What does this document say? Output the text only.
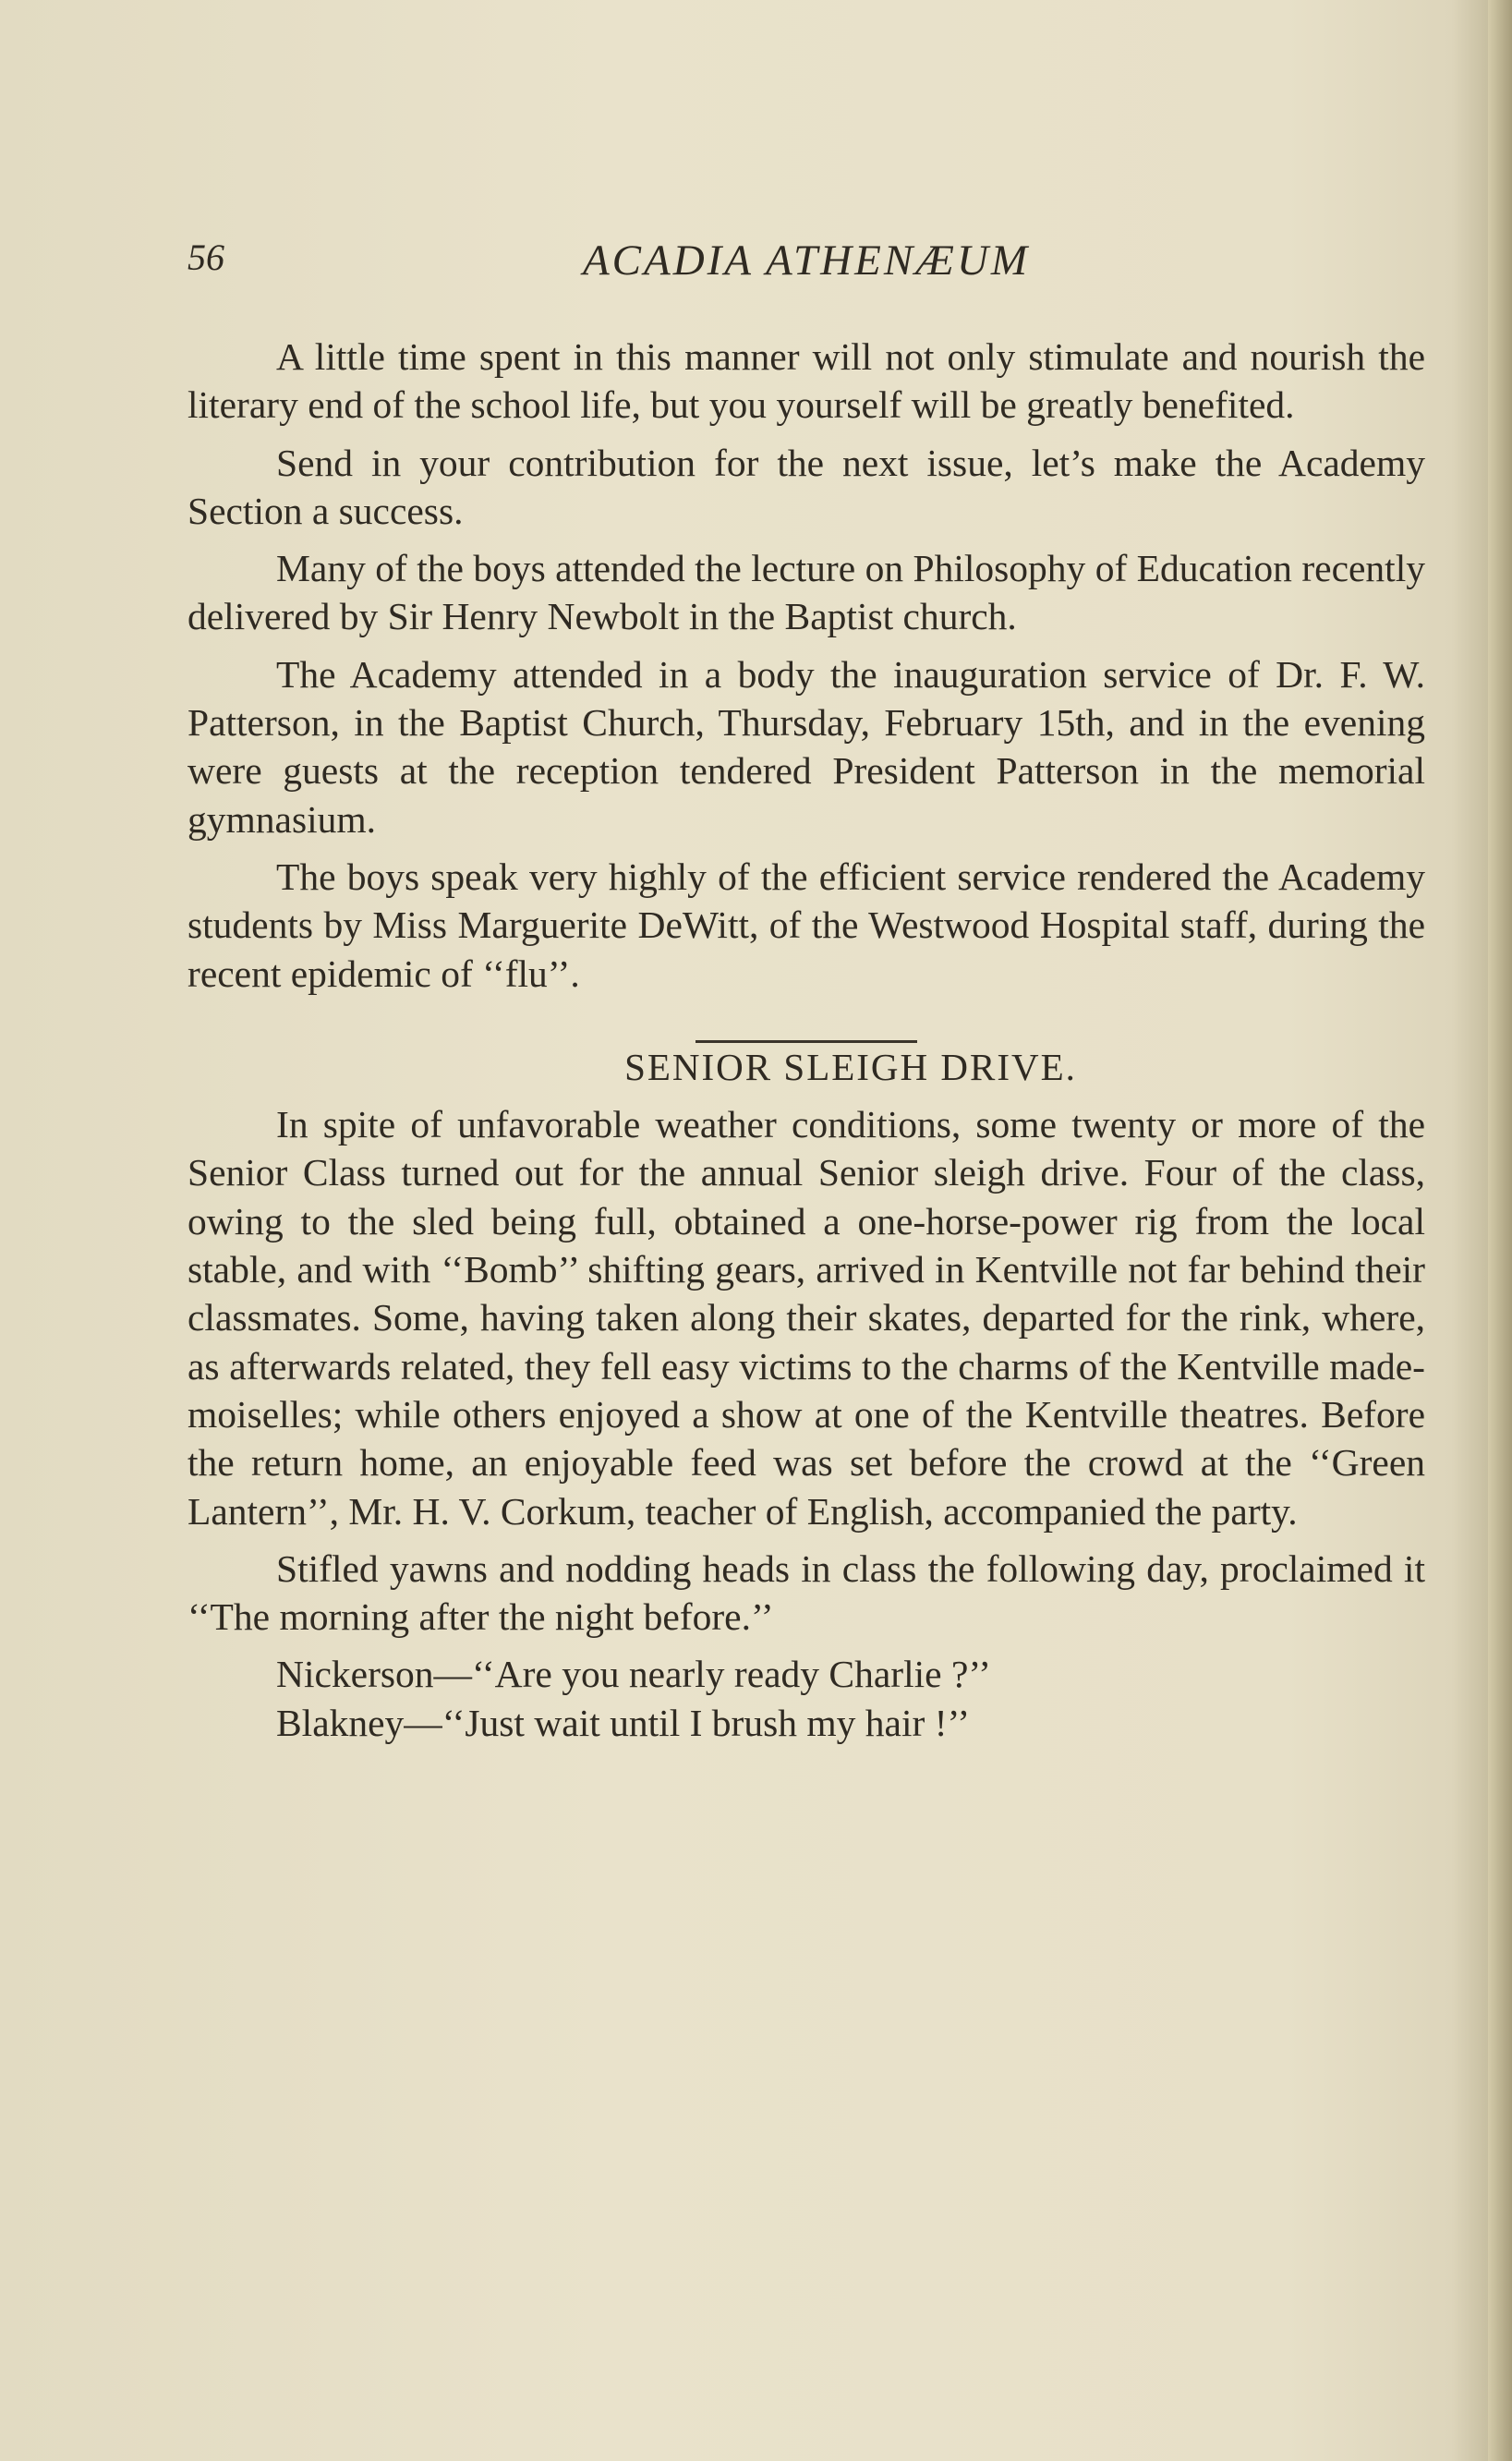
56	ACADIA ATHENÆUM

A little time spent in this manner will not only stimulate and nourish the literary end of the school life, but you yourself will be greatly benefited.

Send in your contribution for the next issue, let’s make the Academy Section a success.

Many of the boys attended the lecture on Philosophy of Education recently delivered by Sir Henry Newbolt in the Baptist church.

The Academy attended in a body the inauguration service of Dr. F. W. Patterson, in the Baptist Church, Thursday, February 15th, and in the evening were guests at the reception tendered President Patterson in the memorial gymnasium.

The boys speak very highly of the efficient service rendered the Academy students by Miss Marguerite DeWitt, of the Westwood Hospital staff, during the recent epidemic of ‘‘flu’’.

SENIOR SLEIGH DRIVE.

In spite of unfavorable weather conditions, some twenty or more of the Senior Class turned out for the annual Senior sleigh drive. Four of the class, owing to the sled being full, obtained a one-horse-power rig from the local stable, and with ‘‘Bomb’’ shifting gears, arrived in Kentville not far behind their classmates. Some, having taken along their skates, departed for the rink, where, as afterwards related, they fell easy victims to the charms of the Kentville mademoiselles; while others enjoyed a show at one of the Kentville theatres. Before the return home, an enjoyable feed was set before the crowd at the ‘‘Green Lantern’’, Mr. H. V. Corkum, teacher of English, accompanied the party.

Stifled yawns and nodding heads in class the following day, proclaimed it ‘‘The morning after the night before.’’

Nickerson—‘‘Are you nearly ready Charlie ?’’

Blakney—‘‘Just wait until I brush my hair !’’
